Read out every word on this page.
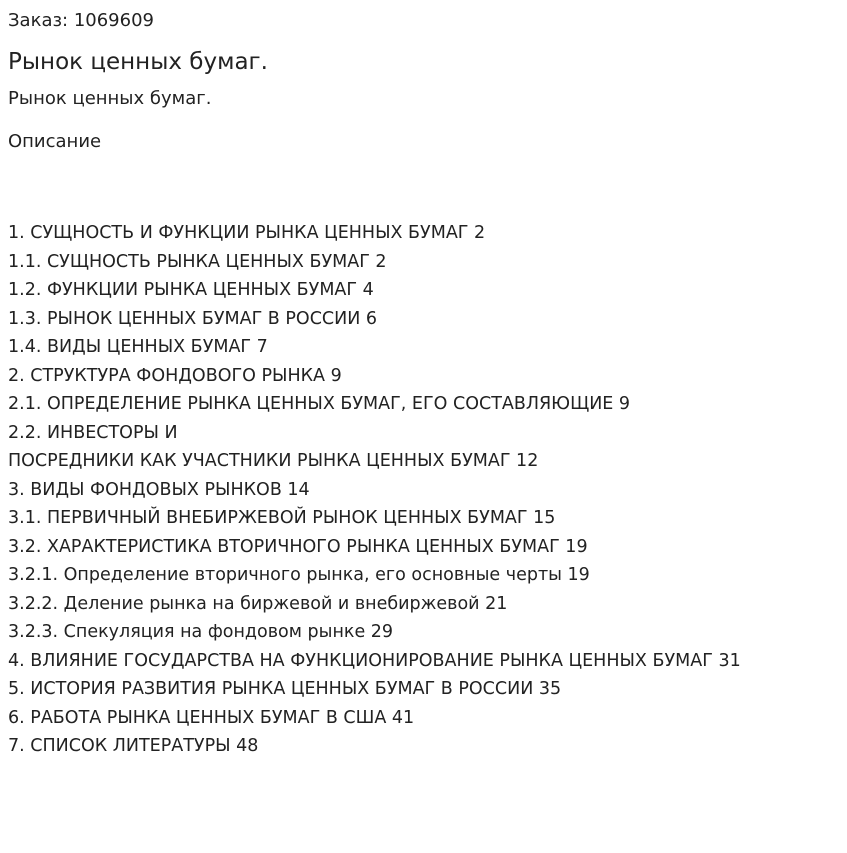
Заказ: 1069609
Рынок ценных бумаг.
Рынок ценных бумаг.
Описание
1. СУЩНОСТЬ И ФУНКЦИИ РЫНКА ЦЕННЫХ БУМАГ 2
1.1. СУЩНОСТЬ РЫНКА ЦЕННЫХ БУМАГ 2
1.2. ФУНКЦИИ РЫНКА ЦЕННЫХ БУМАГ 4
1.3. РЫНОК ЦЕННЫХ БУМАГ В РОССИИ 6
1.4. ВИДЫ ЦЕННЫХ БУМАГ 7
2. СТРУКТУРА ФОНДОВОГО РЫНКА 9
2.1. ОПРЕДЕЛЕНИЕ РЫНКА ЦЕННЫХ БУМАГ, ЕГО СОСТАВЛЯЮЩИЕ 9
2.2. ИНВЕСТОРЫ И
ПОСРЕДНИКИ КАК УЧАСТНИКИ РЫНКА ЦЕННЫХ БУМАГ 12
3. ВИДЫ ФОНДОВЫХ РЫНКОВ 14
3.1. ПЕРВИЧНЫЙ ВНЕБИРЖЕВОЙ РЫНОК ЦЕННЫХ БУМАГ 15
3.2. ХАРАКТЕРИСТИКА ВТОРИЧНОГО РЫНКА ЦЕННЫХ БУМАГ 19
3.2.1. Определение вторичного рынка, его основные черты 19
3.2.2. Деление рынка на биржевой и внебиржевой 21
3.2.3. Спекуляция на фондовом рынке 29
4. ВЛИЯНИЕ ГОСУДАРСТВА НА ФУНКЦИОНИРОВАНИЕ РЫНКА ЦЕННЫХ БУМАГ 31
5. ИСТОРИЯ РАЗВИТИЯ РЫНКА ЦЕННЫХ БУМАГ В РОССИИ 35
6. РАБОТА РЫНКА ЦЕННЫХ БУМАГ В США 41
7. СПИСОК ЛИТЕРАТУРЫ 48
